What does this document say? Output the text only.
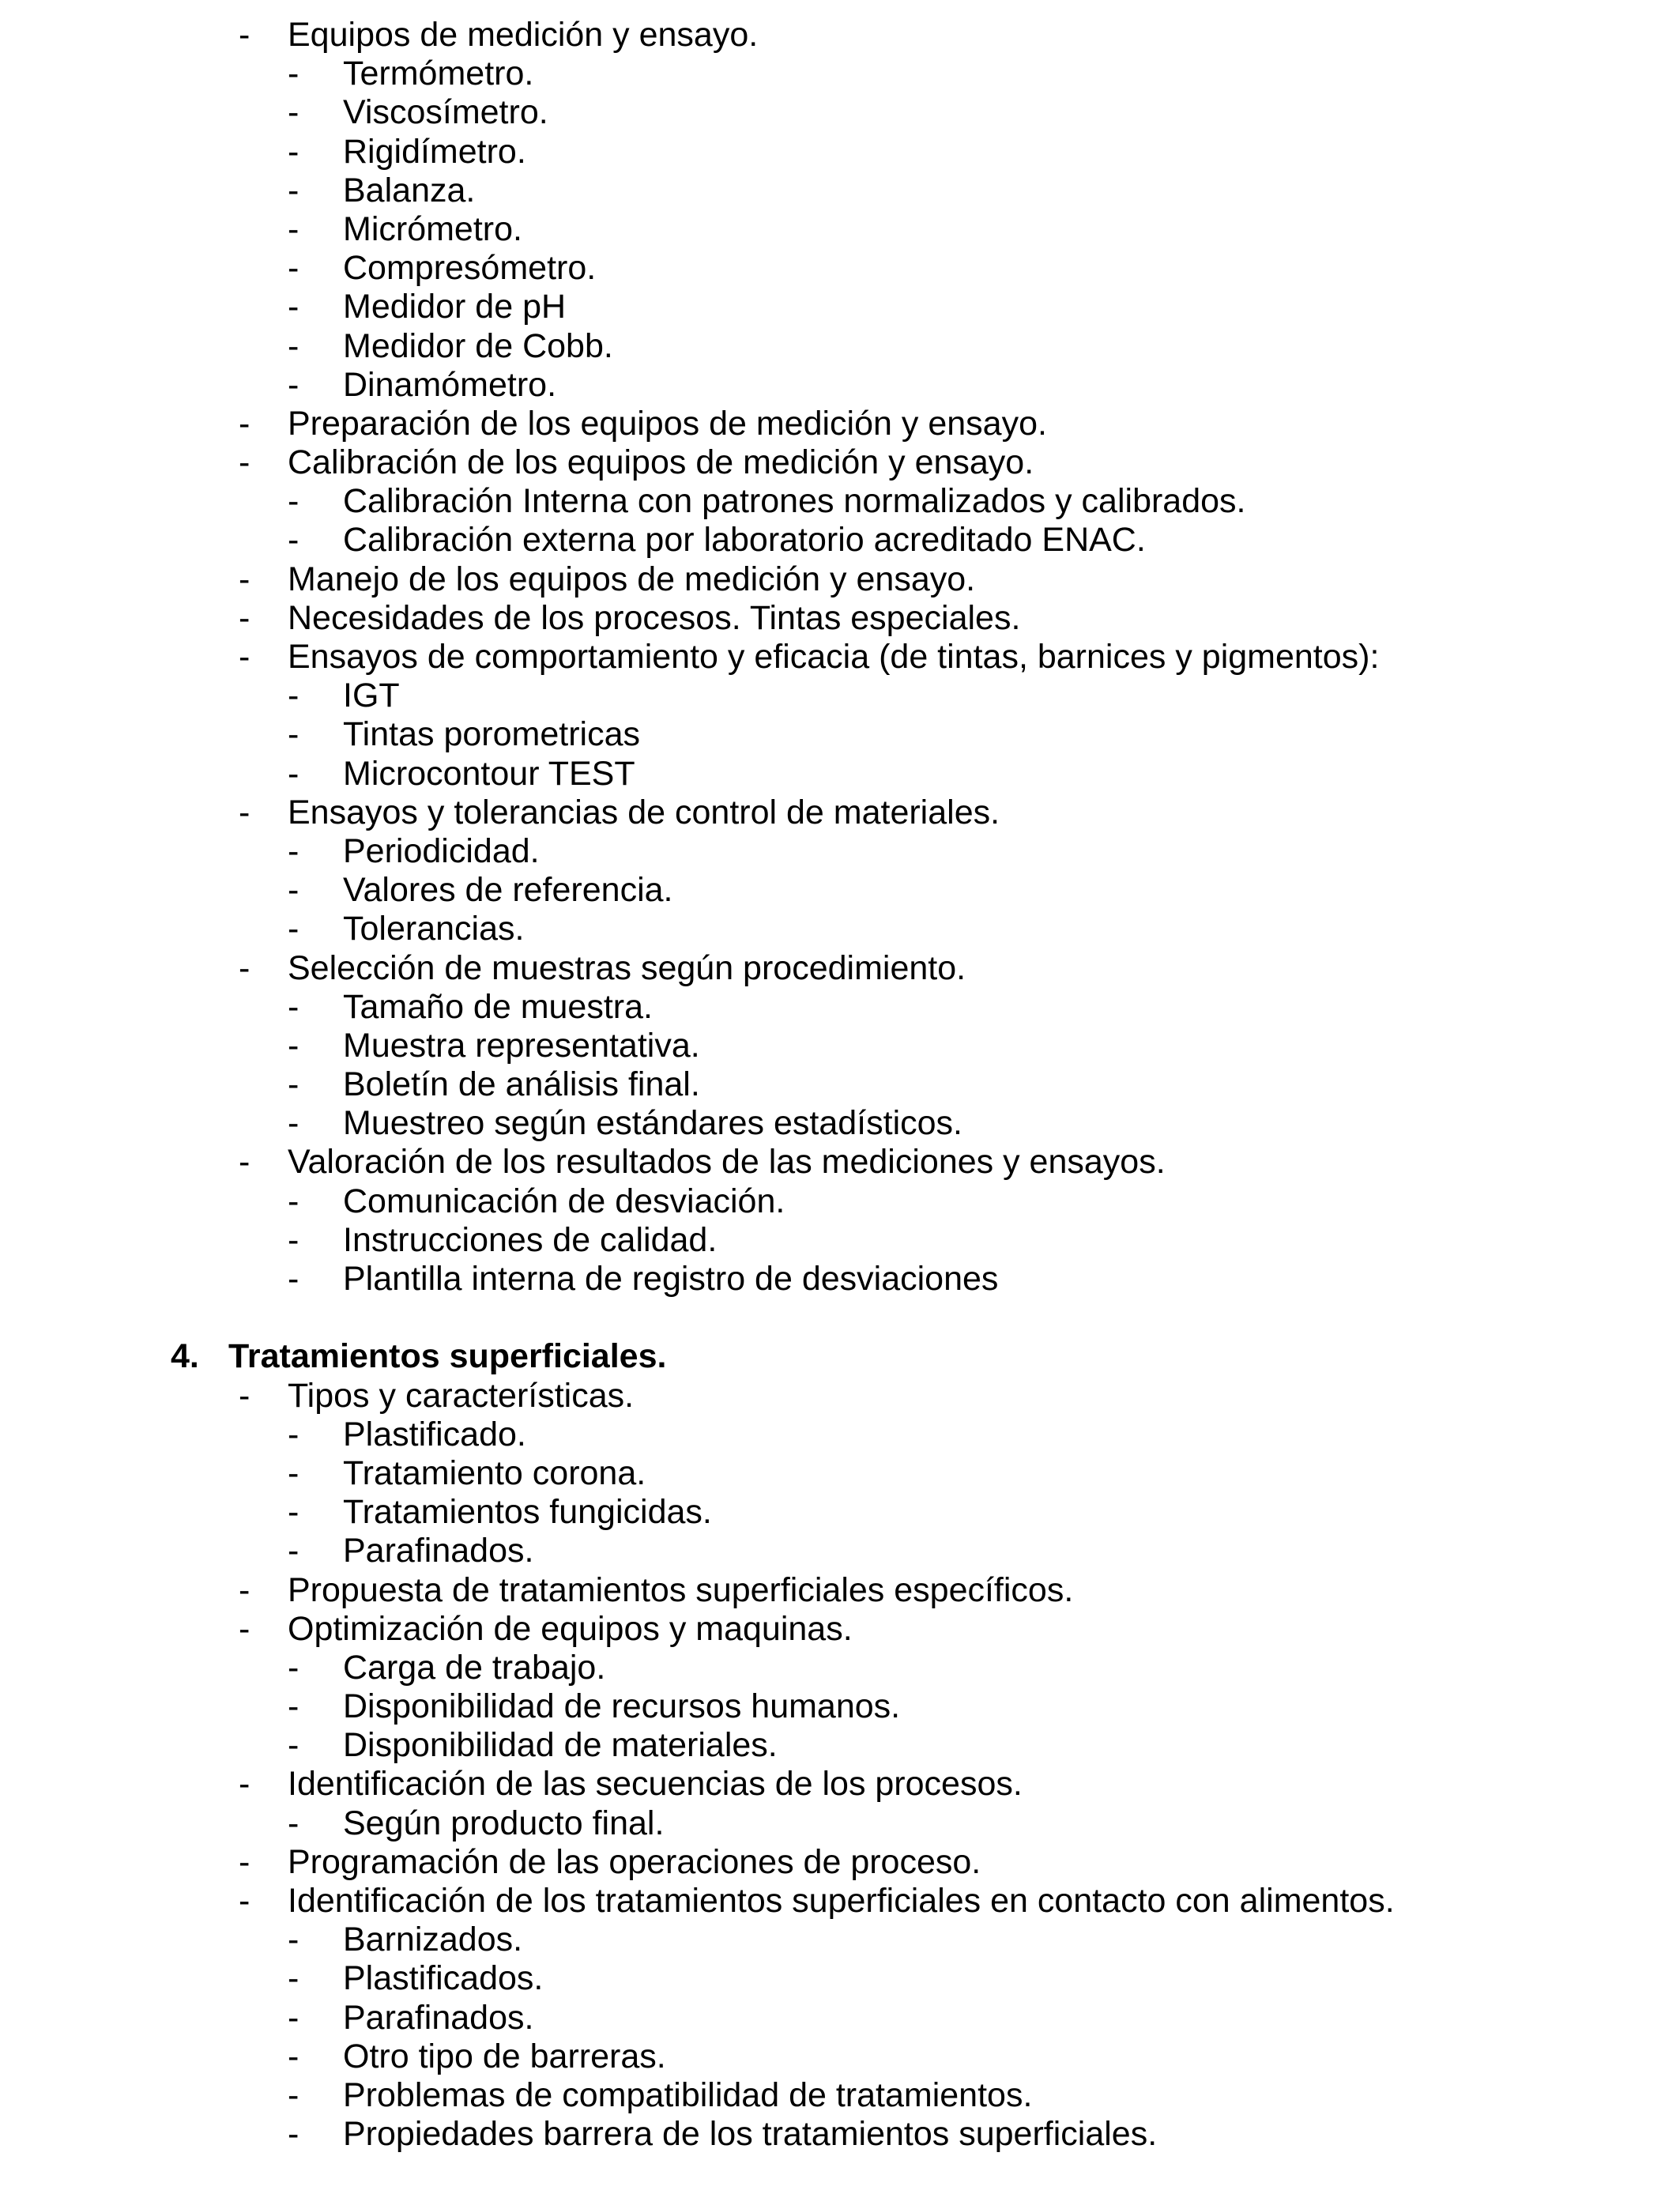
- Equipos de medición y ensayo.
- Termómetro.
- Viscosímetro.
- Rigidímetro.
- Balanza.
- Micrómetro.
- Compresómetro.
- Medidor de pH
- Medidor de Cobb.
- Dinamómetro.
- Preparación de los equipos de medición y ensayo.
- Calibración de los equipos de medición y ensayo.
- Calibración Interna con patrones normalizados y calibrados.
- Calibración externa por laboratorio acreditado ENAC.
- Manejo de los equipos de medición y ensayo.
- Necesidades de los procesos. Tintas especiales.
- Ensayos de comportamiento y eficacia (de tintas, barnices y pigmentos):
- IGT
- Tintas porometricas
- Microcontour TEST
- Ensayos y tolerancias de control de materiales.
- Periodicidad.
- Valores de referencia.
- Tolerancias.
- Selección de muestras según procedimiento.
- Tamaño de muestra.
- Muestra representativa.
- Boletín de análisis final.
- Muestreo según estándares estadísticos.
- Valoración de los resultados de las mediciones y ensayos.
- Comunicación de desviación.
- Instrucciones de calidad.
- Plantilla interna de registro de desviaciones
4. Tratamientos superficiales.
- Tipos y características.
- Plastificado.
- Tratamiento corona.
- Tratamientos fungicidas.
- Parafinados.
- Propuesta de tratamientos superficiales específicos.
- Optimización de equipos y maquinas.
- Carga de trabajo.
- Disponibilidad de recursos humanos.
- Disponibilidad de materiales.
- Identificación de las secuencias de los procesos.
- Según producto final.
- Programación de las operaciones de proceso.
- Identificación de los tratamientos superficiales en contacto con alimentos.
- Barnizados.
- Plastificados.
- Parafinados.
- Otro tipo de barreras.
- Problemas de compatibilidad de tratamientos.
- Propiedades barrera de los tratamientos superficiales.
